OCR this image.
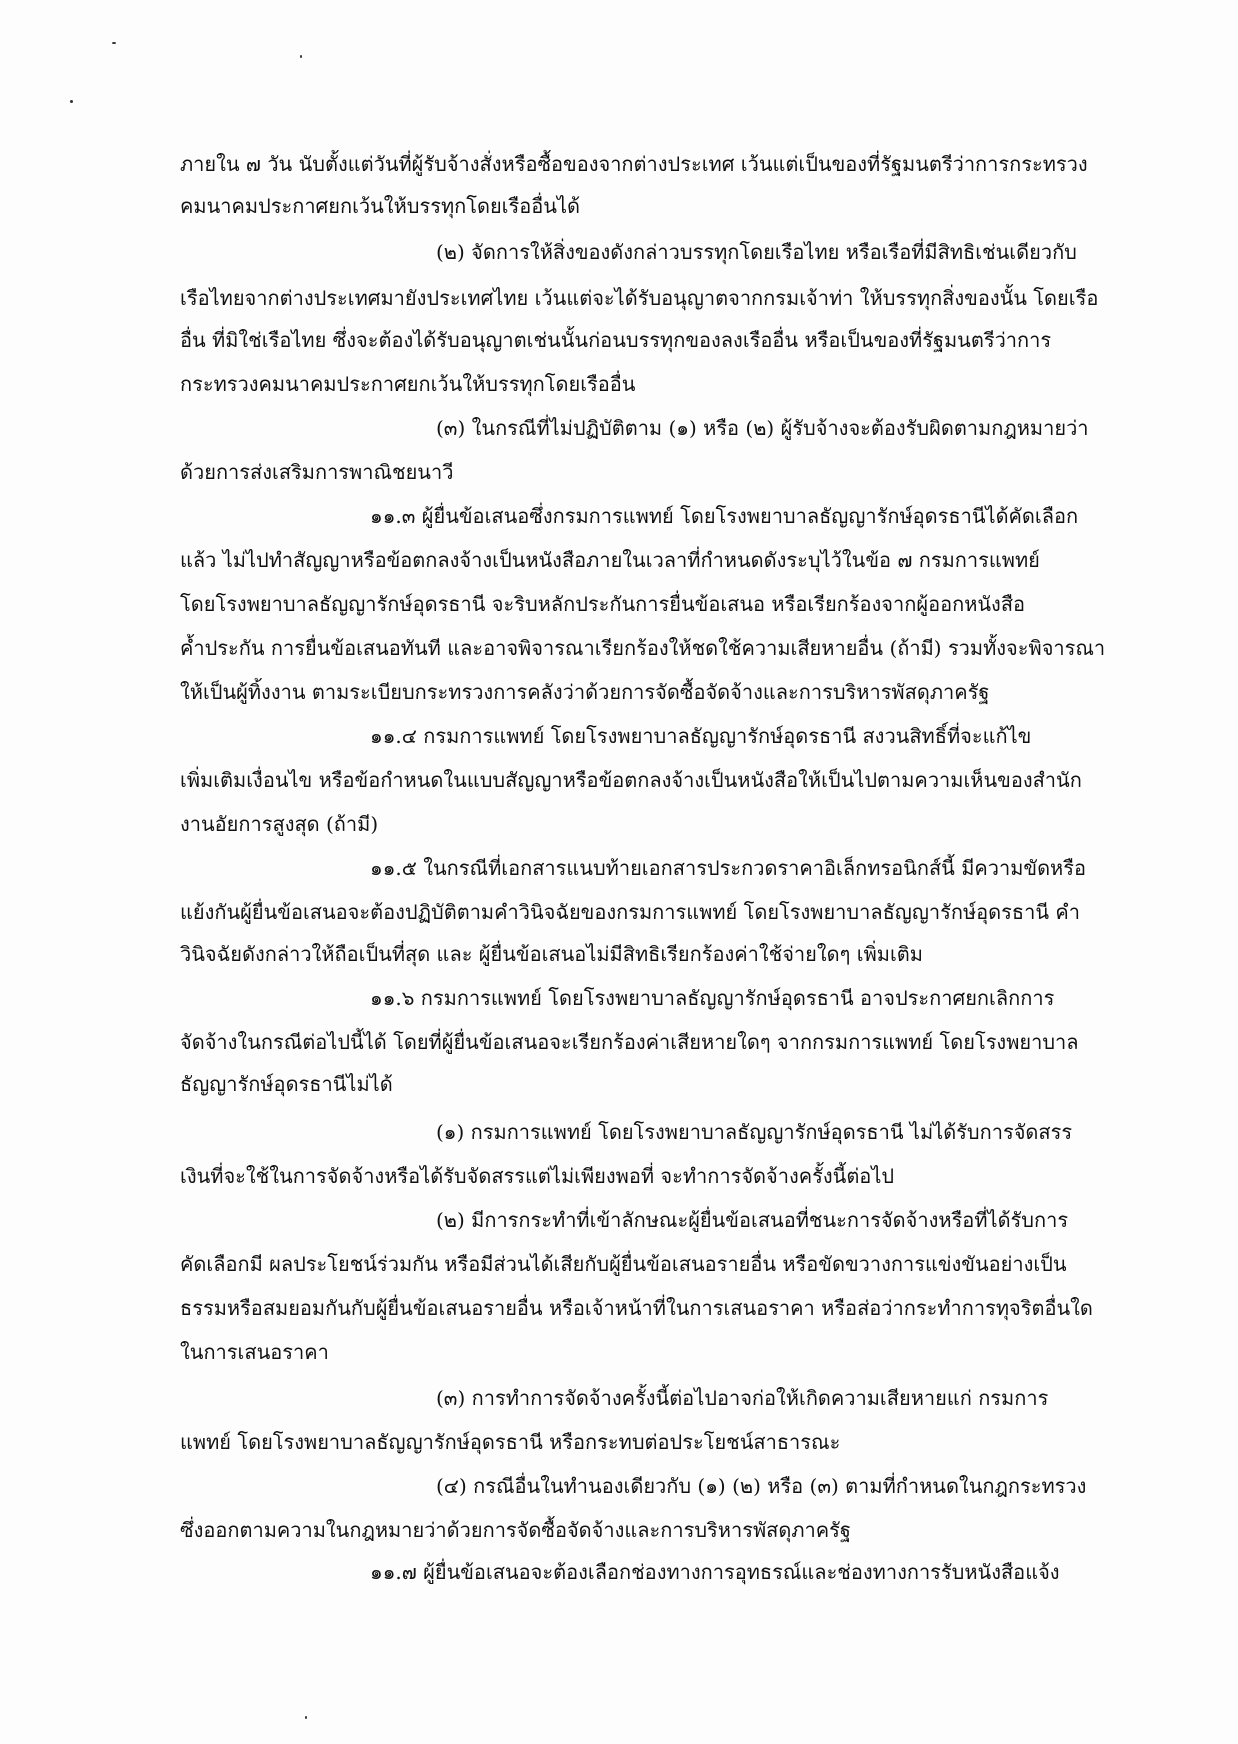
ภายใน ๗ วัน นับตั้งแต่วันที่ผู้รับจ้างสั่งหรือซื้อของจากต่างประเทศ เว้นแต่เป็นของที่รัฐมนตรีว่าการกระทรวง
คมนาคมประกาศยกเว้นให้บรรทุกโดยเรืออื่นได้
(๒) จัดการให้สิ่งของดังกล่าวบรรทุกโดยเรือไทย หรือเรือที่มีสิทธิเช่นเดียวกับ
เรือไทยจากต่างประเทศมายังประเทศไทย เว้นแต่จะได้รับอนุญาตจากกรมเจ้าท่า ให้บรรทุกสิ่งของนั้น โดยเรือ
อื่น ที่มิใช่เรือไทย ซึ่งจะต้องได้รับอนุญาตเช่นนั้นก่อนบรรทุกของลงเรืออื่น หรือเป็นของที่รัฐมนตรีว่าการ
กระทรวงคมนาคมประกาศยกเว้นให้บรรทุกโดยเรืออื่น
(๓) ในกรณีที่ไม่ปฏิบัติตาม (๑) หรือ (๒) ผู้รับจ้างจะต้องรับผิดตามกฎหมายว่า
ด้วยการส่งเสริมการพาณิชยนาวี
๑๑.๓ ผู้ยื่นข้อเสนอซึ่งกรมการแพทย์ โดยโรงพยาบาลธัญญารักษ์อุดรธานีได้คัดเลือก
แล้ว ไม่ไปทำสัญญาหรือข้อตกลงจ้างเป็นหนังสือภายในเวลาที่กำหนดดังระบุไว้ในข้อ ๗ กรมการแพทย์
โดยโรงพยาบาลธัญญารักษ์อุดรธานี จะริบหลักประกันการยื่นข้อเสนอ หรือเรียกร้องจากผู้ออกหนังสือ
ค้ำประกัน การยื่นข้อเสนอทันที และอาจพิจารณาเรียกร้องให้ชดใช้ความเสียหายอื่น (ถ้ามี) รวมทั้งจะพิจารณา
ให้เป็นผู้ทิ้งงาน ตามระเบียบกระทรวงการคลังว่าด้วยการจัดซื้อจัดจ้างและการบริหารพัสดุภาครัฐ
๑๑.๔ กรมการแพทย์ โดยโรงพยาบาลธัญญารักษ์อุดรธานี สงวนสิทธิ์ที่จะแก้ไข
เพิ่มเติมเงื่อนไข หรือข้อกำหนดในแบบสัญญาหรือข้อตกลงจ้างเป็นหนังสือให้เป็นไปตามความเห็นของสำนัก
งานอัยการสูงสุด (ถ้ามี)
๑๑.๕ ในกรณีที่เอกสารแนบท้ายเอกสารประกวดราคาอิเล็กทรอนิกส์นี้ มีความขัดหรือ
แย้งกันผู้ยื่นข้อเสนอจะต้องปฏิบัติตามคำวินิจฉัยของกรมการแพทย์ โดยโรงพยาบาลธัญญารักษ์อุดรธานี คำ
วินิจฉัยดังกล่าวให้ถือเป็นที่สุด และ ผู้ยื่นข้อเสนอไม่มีสิทธิเรียกร้องค่าใช้จ่ายใดๆ เพิ่มเติม
๑๑.๖ กรมการแพทย์ โดยโรงพยาบาลธัญญารักษ์อุดรธานี อาจประกาศยกเลิกการ
จัดจ้างในกรณีต่อไปนี้ได้ โดยที่ผู้ยื่นข้อเสนอจะเรียกร้องค่าเสียหายใดๆ จากกรมการแพทย์ โดยโรงพยาบาล
ธัญญารักษ์อุดรธานีไม่ได้
(๑) กรมการแพทย์ โดยโรงพยาบาลธัญญารักษ์อุดรธานี ไม่ได้รับการจัดสรร
เงินที่จะใช้ในการจัดจ้างหรือได้รับจัดสรรแต่ไม่เพียงพอที่ จะทำการจัดจ้างครั้งนี้ต่อไป
(๒) มีการกระทำที่เข้าลักษณะผู้ยื่นข้อเสนอที่ชนะการจัดจ้างหรือที่ได้รับการ
คัดเลือกมี ผลประโยชน์ร่วมกัน หรือมีส่วนได้เสียกับผู้ยื่นข้อเสนอรายอื่น หรือขัดขวางการแข่งขันอย่างเป็น
ธรรมหรือสมยอมกันกับผู้ยื่นข้อเสนอรายอื่น หรือเจ้าหน้าที่ในการเสนอราคา หรือส่อว่ากระทำการทุจริตอื่นใด
ในการเสนอราคา
(๓) การทำการจัดจ้างครั้งนี้ต่อไปอาจก่อให้เกิดความเสียหายแก่ กรมการ
แพทย์ โดยโรงพยาบาลธัญญารักษ์อุดรธานี หรือกระทบต่อประโยชน์สาธารณะ
(๔) กรณีอื่นในทำนองเดียวกับ (๑) (๒) หรือ (๓) ตามที่กำหนดในกฎกระทรวง
ซึ่งออกตามความในกฎหมายว่าด้วยการจัดซื้อจัดจ้างและการบริหารพัสดุภาครัฐ
๑๑.๗ ผู้ยื่นข้อเสนอจะต้องเลือกช่องทางการอุทธรณ์และช่องทางการรับหนังสือแจ้ง
